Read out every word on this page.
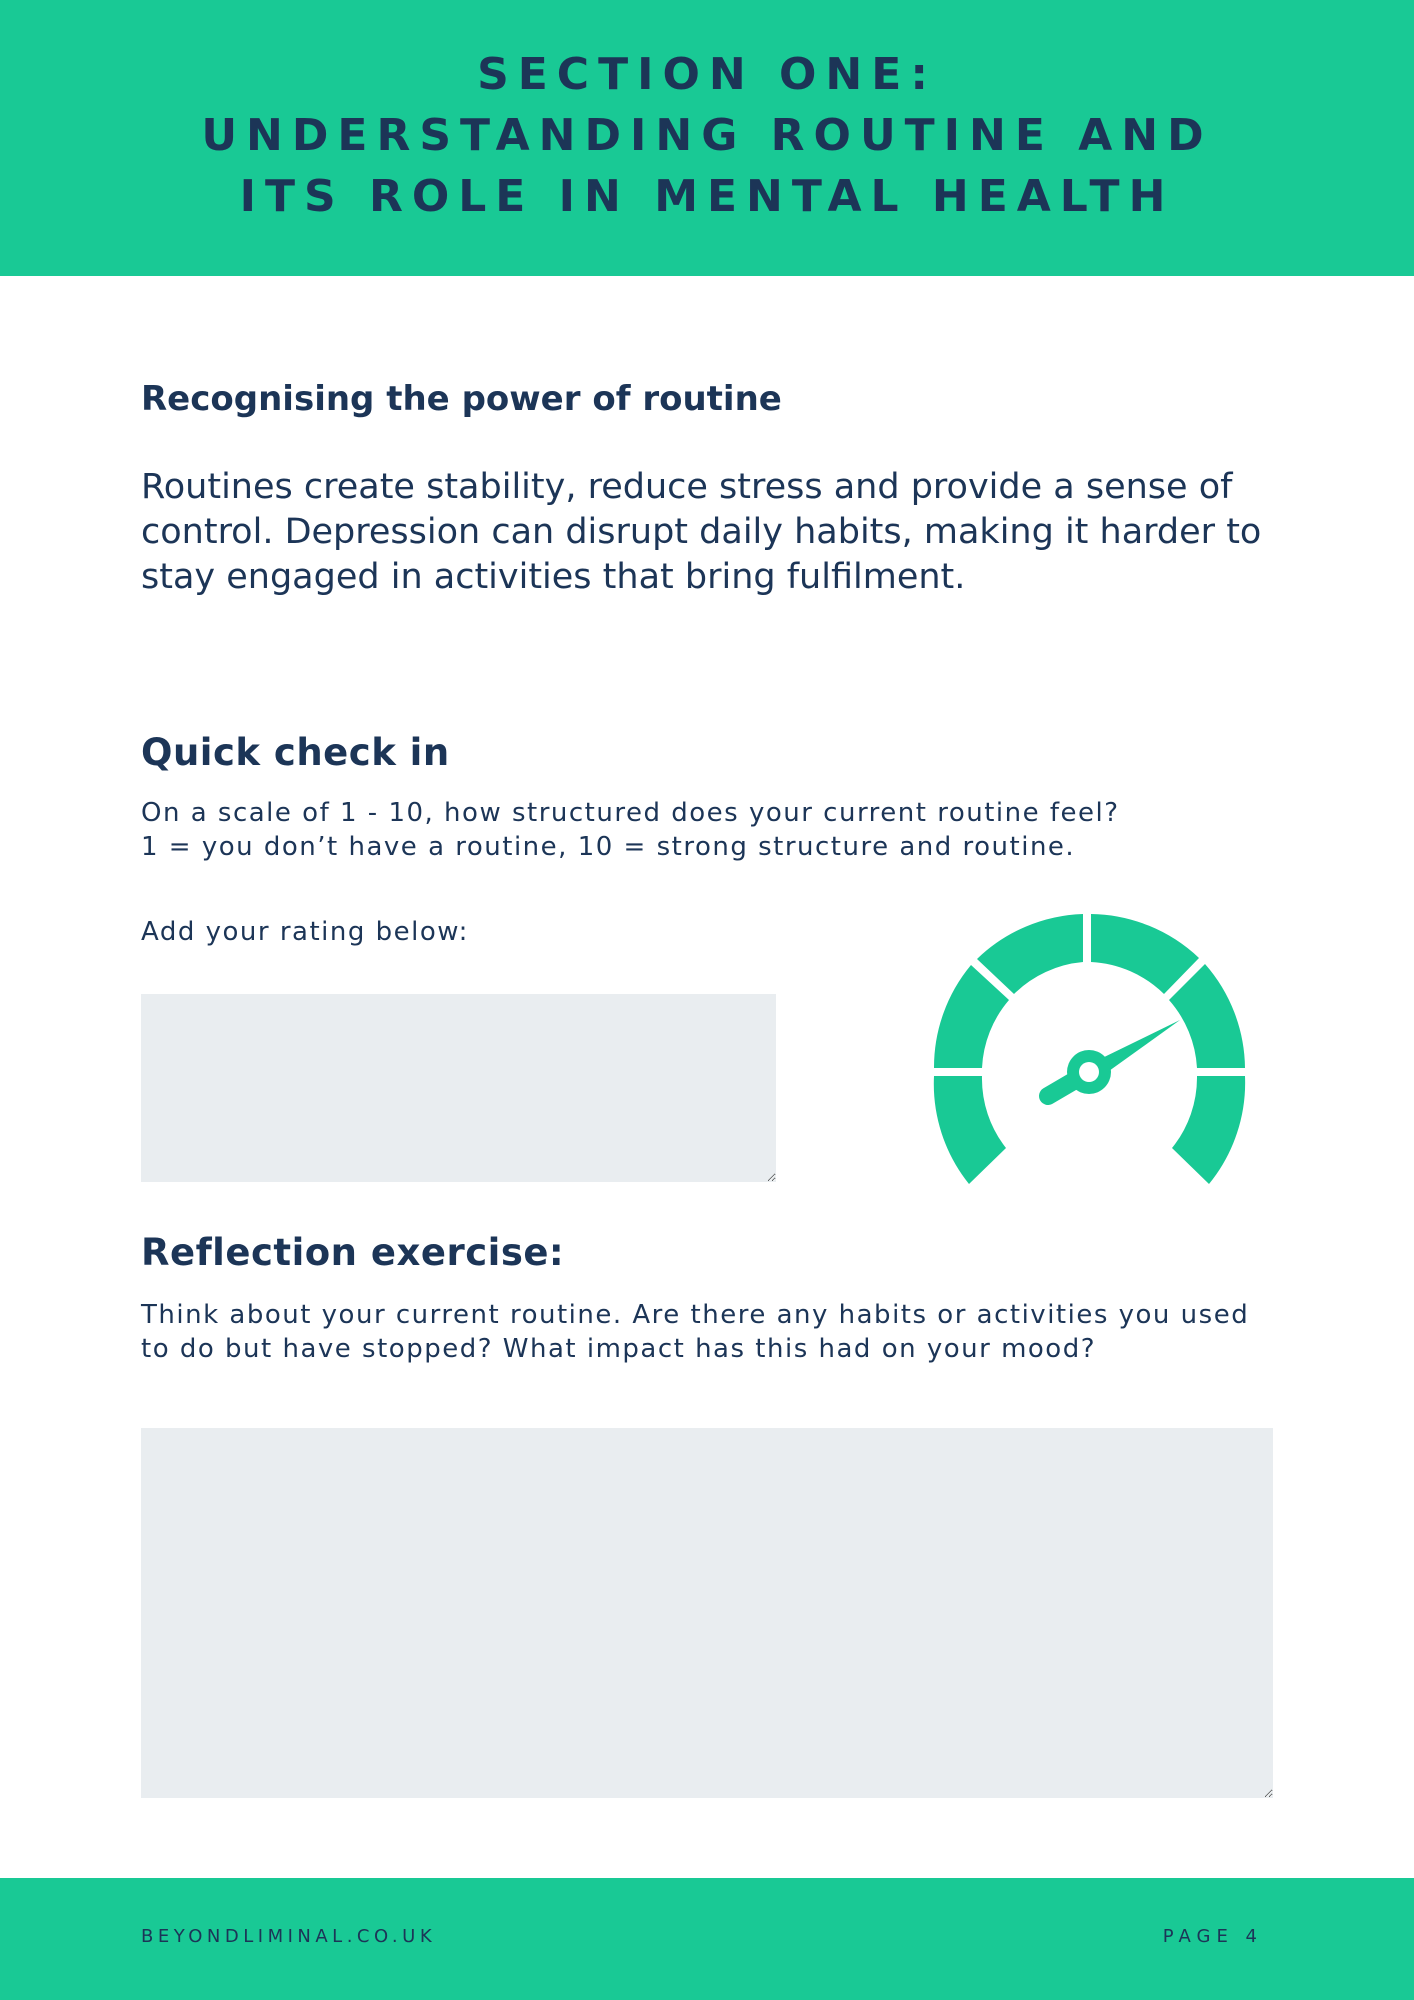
SECTION ONE:
UNDERSTANDING ROUTINE AND
ITS ROLE IN MENTAL HEALTH
Recognising the power of routine

Routines create stability, reduce stress and provide a sense of control. Depression can disrupt daily habits, making it harder to stay engaged in activities that bring fulfilment.

Quick check in

On a scale of 1 - 10, how structured does your current routine feel?
1 = you don’t have a routine, 10 = strong structure and routine.

Add your rating below:

Reflection exercise:

Think about your current routine. Are there any habits or activities you used to do but have stopped? What impact has this had on your mood?

BEYONDLIMINAL.CO.UK	PAGE 4
